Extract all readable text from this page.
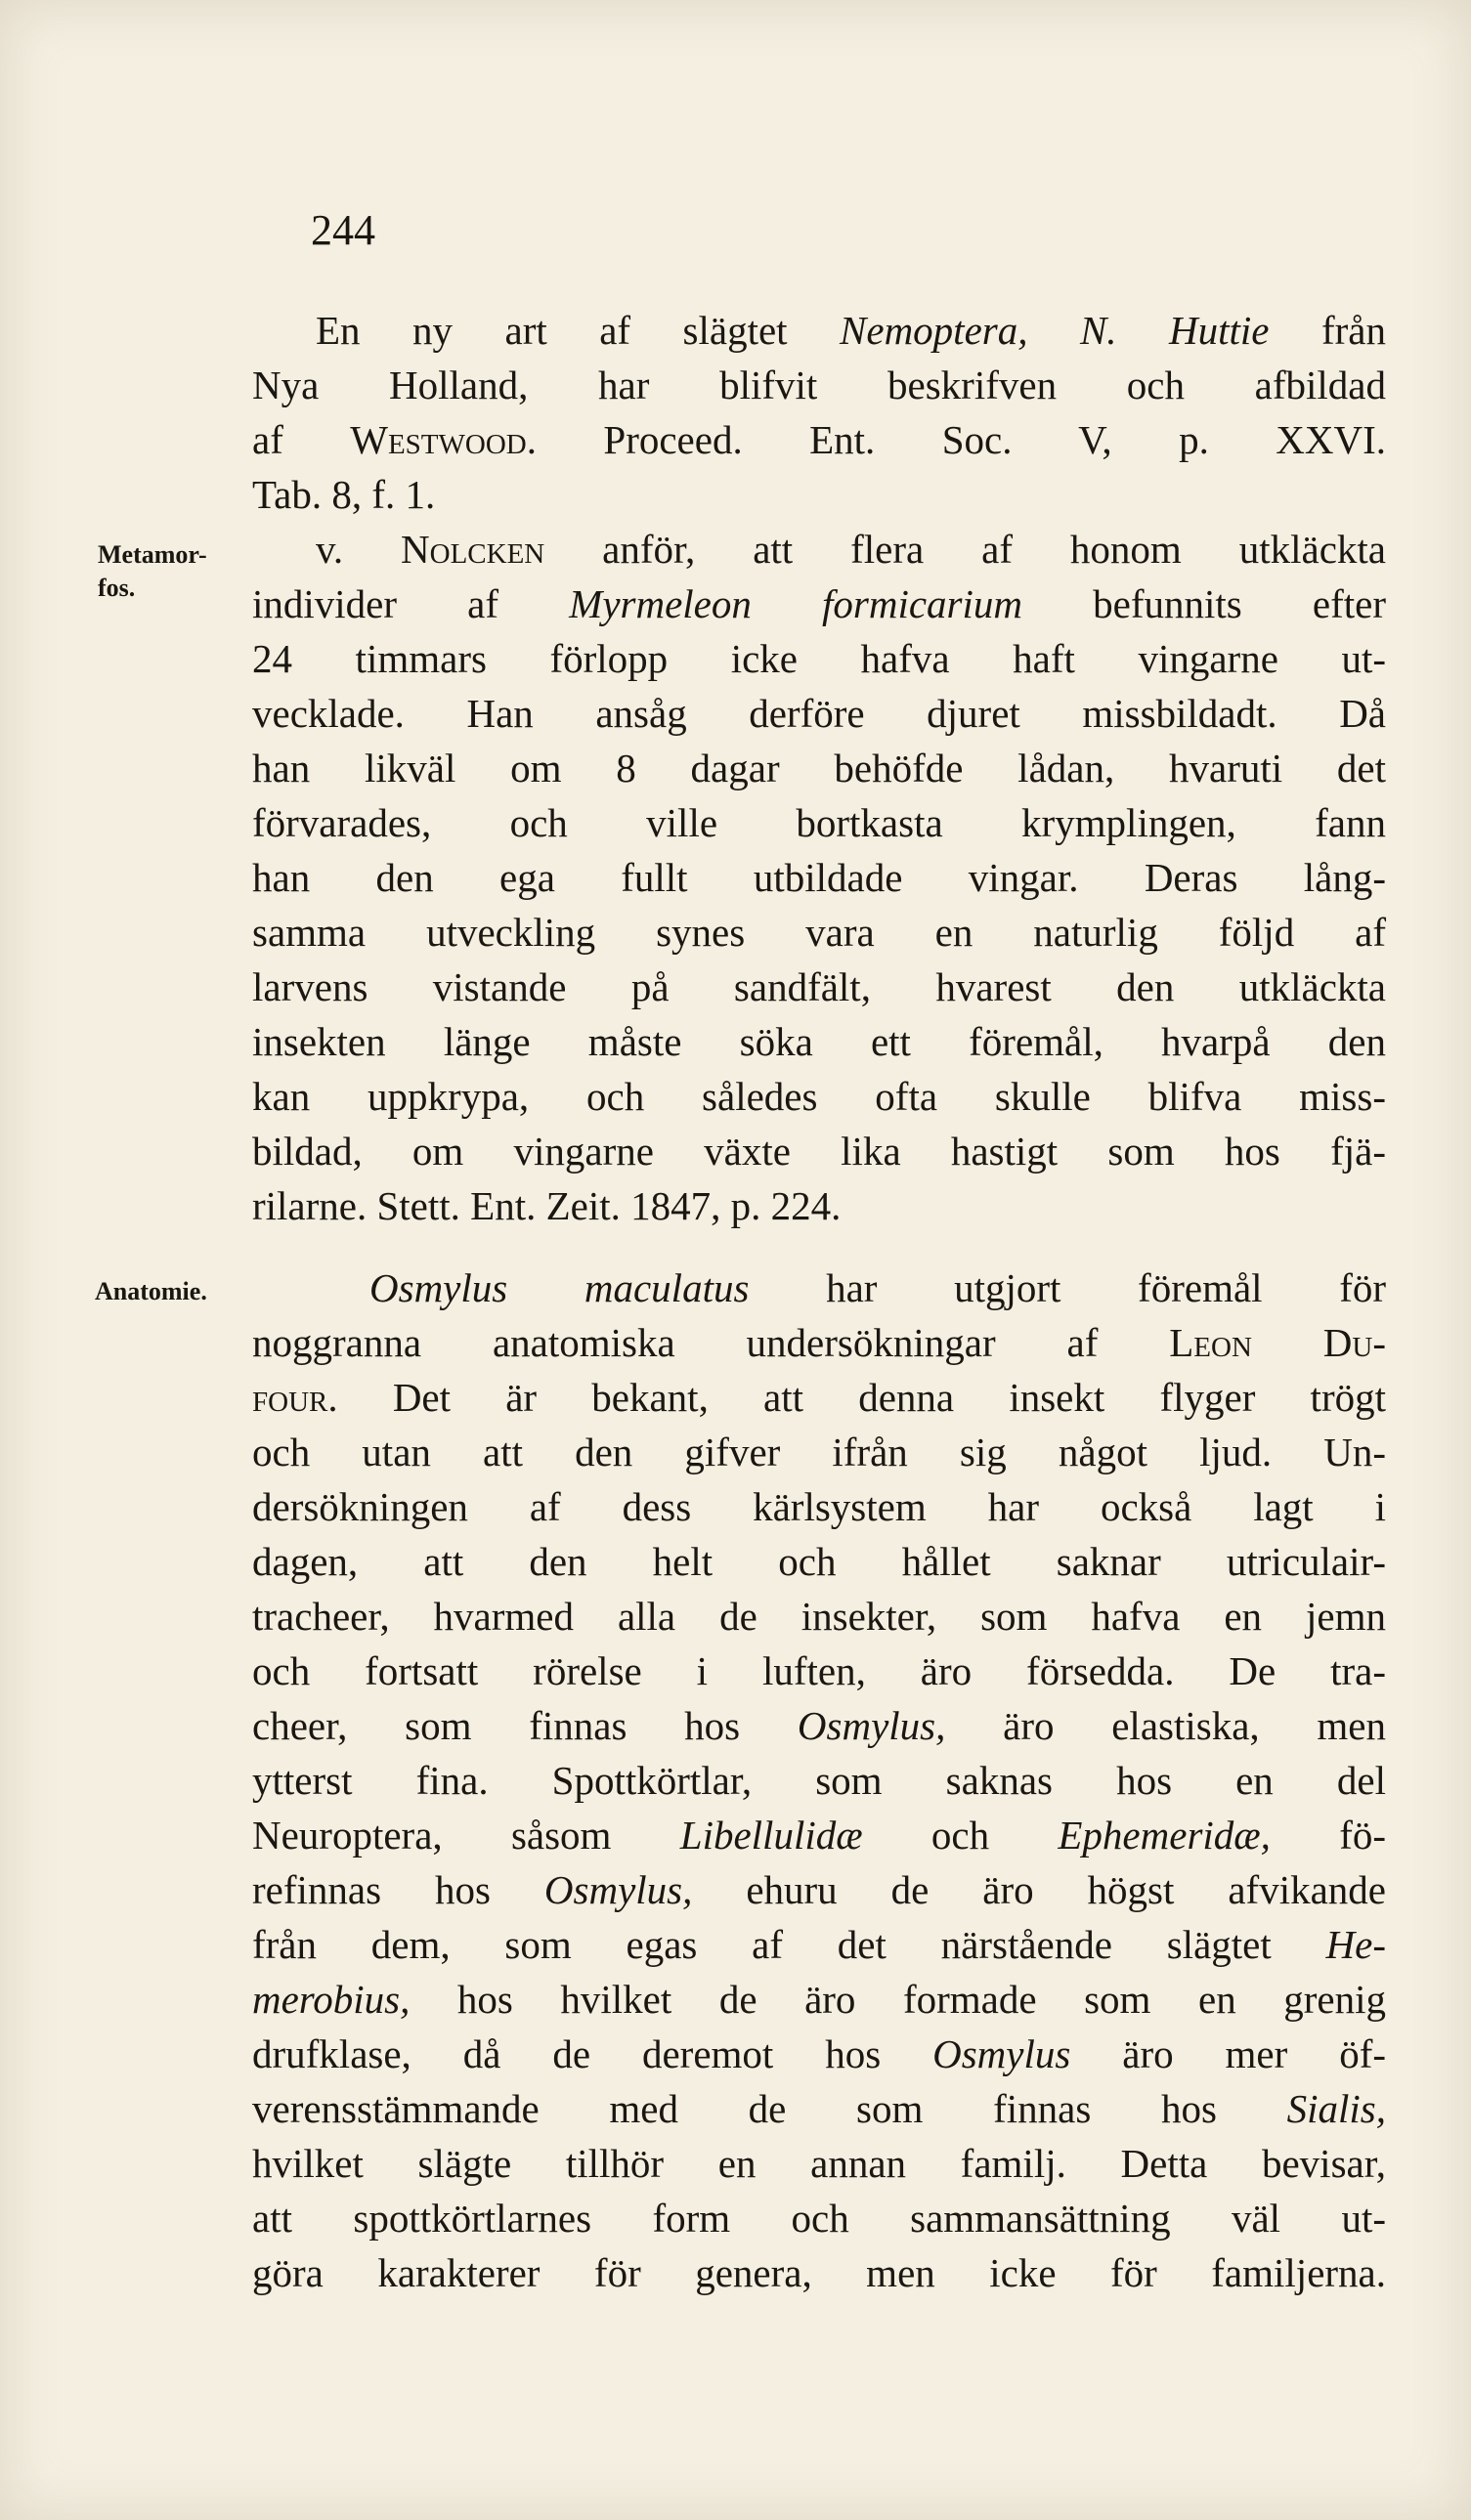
244
Metamor-
fos.
Anatomie.
En ny art af slägtet Nemoptera, N. Huttie från
Nya Holland, har blifvit beskrifven och afbildad
af Westwood. Proceed. Ent. Soc. V, p. XXVI.
Tab. 8, f. 1.
v. Nolcken anför, att flera af honom utkläckta
individer af Myrmeleon formicarium befunnits efter
24 timmars förlopp icke hafva haft vingarne ut-
vecklade. Han ansåg derföre djuret missbildadt. Då
han likväl om 8 dagar behöfde lådan, hvaruti det
förvarades, och ville bortkasta krymplingen, fann
han den ega fullt utbildade vingar. Deras lång-
samma utveckling synes vara en naturlig följd af
larvens vistande på sandfält, hvarest den utkläckta
insekten länge måste söka ett föremål, hvarpå den
kan uppkrypa, och således ofta skulle blifva miss-
bildad, om vingarne växte lika hastigt som hos fjä-
rilarne. Stett. Ent. Zeit. 1847, p. 224.
Osmylus maculatus har utgjort föremål för
noggranna anatomiska undersökningar af Leon Du-
four. Det är bekant, att denna insekt flyger trögt
och utan att den gifver ifrån sig något ljud. Un-
dersökningen af dess kärlsystem har också lagt i
dagen, att den helt och hållet saknar utriculair-
tracheer, hvarmed alla de insekter, som hafva en jemn
och fortsatt rörelse i luften, äro försedda. De tra-
cheer, som finnas hos Osmylus, äro elastiska, men
ytterst fina. Spottkörtlar, som saknas hos en del
Neuroptera, såsom Libellulidæ och Ephemeridæ, fö-
refinnas hos Osmylus, ehuru de äro högst afvikande
från dem, som egas af det närstående slägtet He-
merobius, hos hvilket de äro formade som en grenig
drufklase, då de deremot hos Osmylus äro mer öf-
verensstämmande med de som finnas hos Sialis,
hvilket slägte tillhör en annan familj. Detta bevisar,
att spottkörtlarnes form och sammansättning väl ut-
göra karakterer för genera, men icke för familjerna.
